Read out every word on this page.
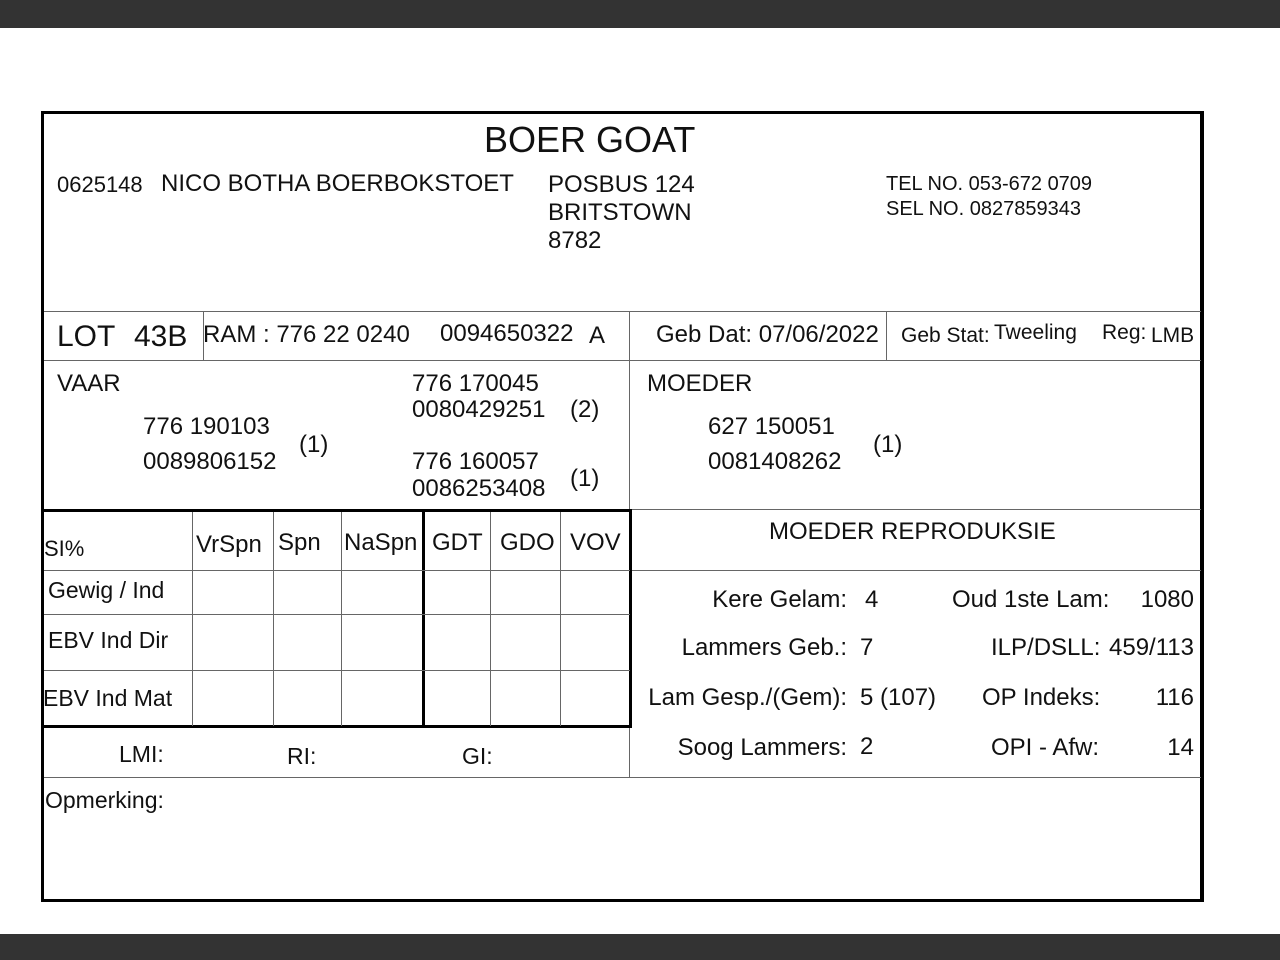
BOER GOAT
0625148 NICO BOTHA BOERBOKSTOET POSBUS 124
BRITSTOWN
8782
TEL NO. 053-672 0709
SEL NO. 0827859343
LOT 43B RAM : 776 22 0240 0094650322 A Geb Dat: 07/06/2022 Geb Stat: Tweeling Reg: LMB
VAAR
776 190103
0089806152
(1)
776 170045
0080429251 (2)
776 160057
0086253408 (1)
MOEDER
627 150051
0081408262
(1)
SI%	VrSpn Spn NaSpn GDT GDO VOV
Gewig / Ind
EBV Ind Dir
EBV Ind Mat
LMI:	RI:	GI:
MOEDER REPRODUKSIE
Kere Gelam: 4	Oud 1ste Lam:	1080
Lammers Geb.: 7	ILP/DSLL: 459/113
Lam Gesp./(Gem): 5 (107) OP Indeks:	116
Soog Lammers: 2	OPI - Afw:	14
Opmerking:
